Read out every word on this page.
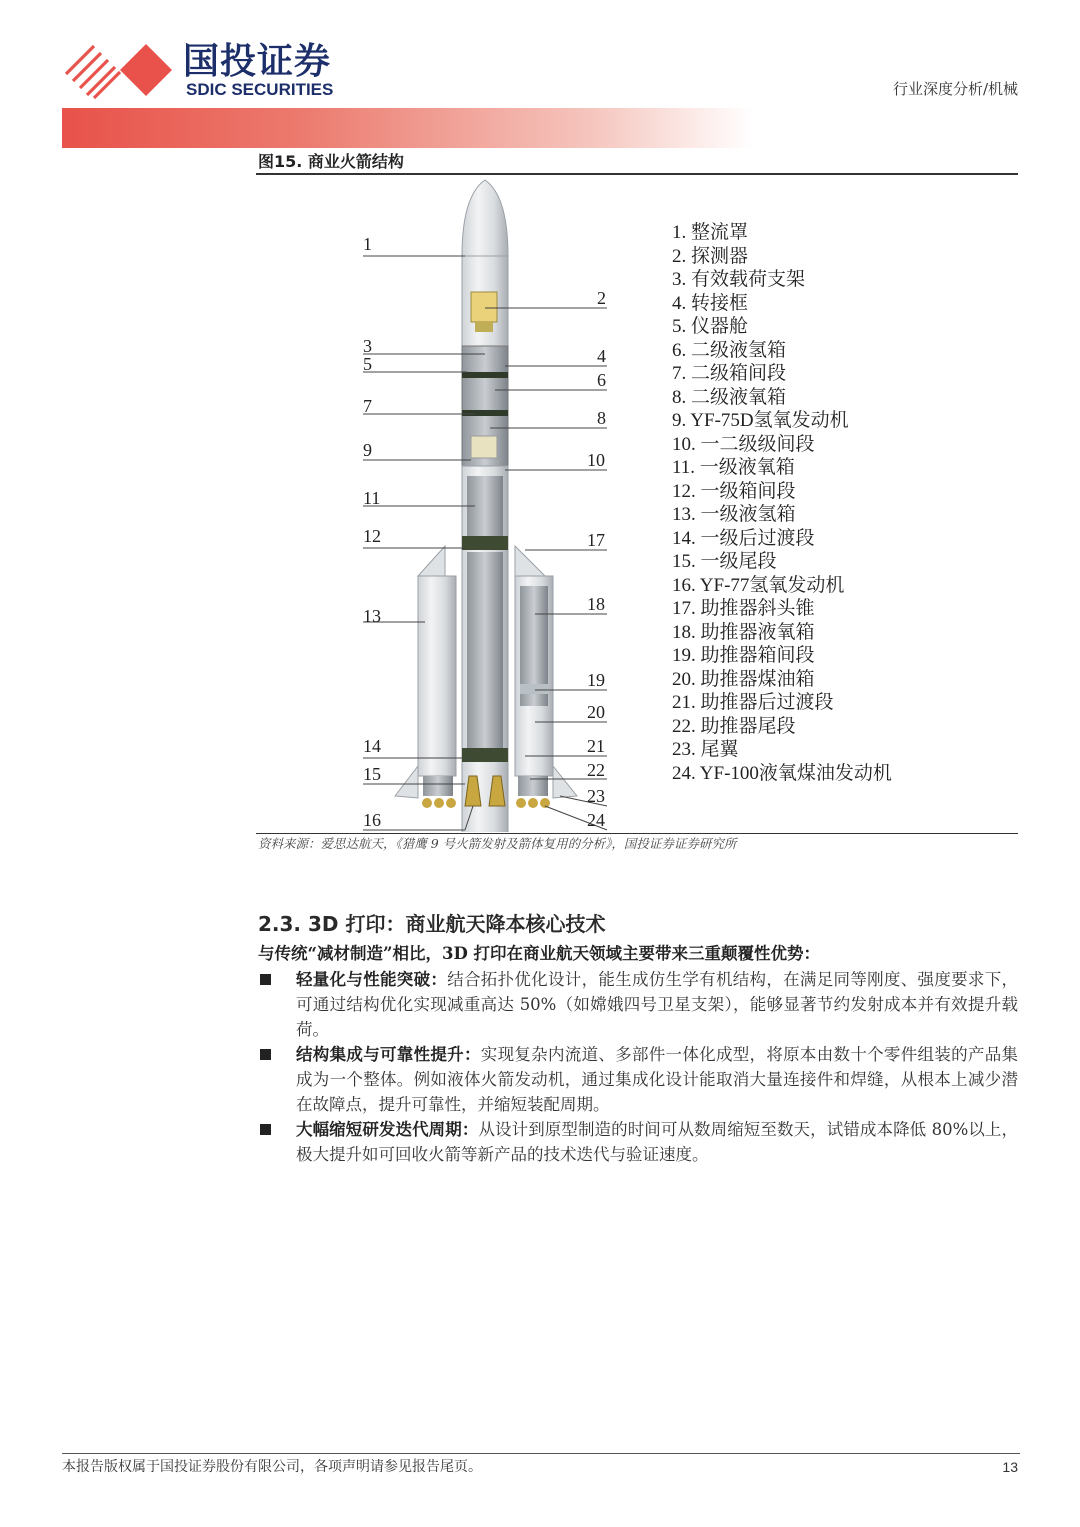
国投证券
SDIC SECURITIES	行业深度分析/机械
图15. 商业火箭结构
1
3
5
7
9
11
12
13
14
15
16
2
4
6
8
10
17
18
19
20
21
22
23
24
1. 整流罩
2. 探测器
3. 有效载荷支架
4. 转接框
5. 仪器舱
6. 二级液氢箱
7. 二级箱间段
8. 二级液氧箱
9. YF-75D氢氧发动机
10. 一二级级间段
11. 一级液氧箱
12. 一级箱间段
13. 一级液氢箱
14. 一级后过渡段
15. 一级尾段
16. YF-77氢氧发动机
17. 助推器斜头锥
18. 助推器液氧箱
19. 助推器箱间段
20. 助推器煤油箱
21. 助推器后过渡段
22. 助推器尾段
23. 尾翼
24. YF-100液氧煤油发动机
资料来源：爱思达航天，《猎鹰 9 号火箭发射及箭体复用的分析》，国投证券证券研究所
2.3. 3D 打印：商业航天降本核心技术
与传统“减材制造”相比，3D 打印在商业航天领域主要带来三重颠覆性优势：
轻量化与性能突破：结合拓扑优化设计，能生成仿生学有机结构，在满足同等刚度、强度要求下，可通过结构优化实现减重高达 50%（如嫦娥四号卫星支架），能够显著节约发射成本并有效提升载荷。
结构集成与可靠性提升：实现复杂内流道、多部件一体化成型，将原本由数十个零件组装的产品集成为一个整体。例如液体火箭发动机，通过集成化设计能取消大量连接件和焊缝，从根本上减少潜在故障点，提升可靠性，并缩短装配周期。
大幅缩短研发迭代周期：从设计到原型制造的时间可从数周缩短至数天，试错成本降低 80%以上，极大提升如可回收火箭等新产品的技术迭代与验证速度。
本报告版权属于国投证券股份有限公司，各项声明请参见报告尾页。	13
